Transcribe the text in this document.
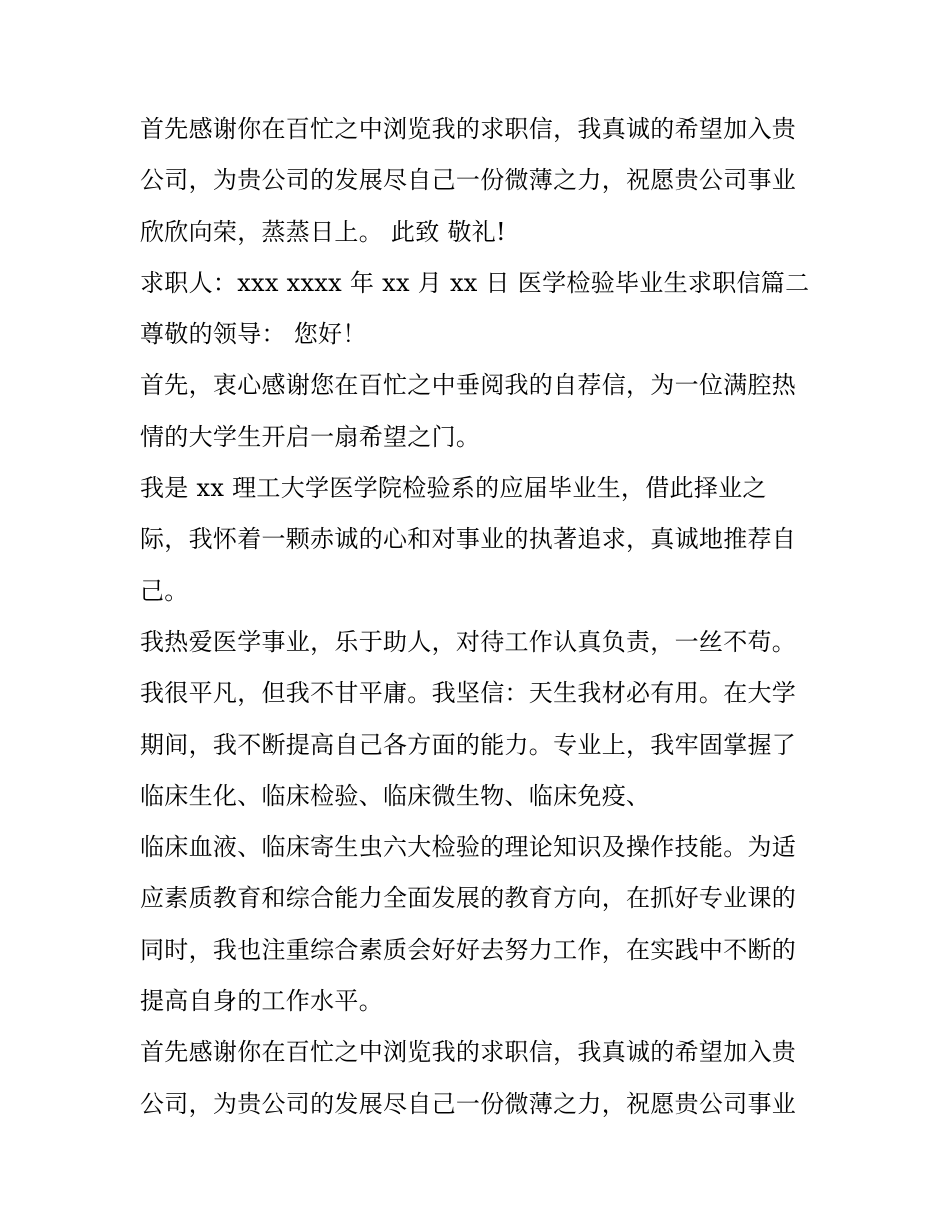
首先感谢你在百忙之中浏览我的求职信，我真诚的希望加入贵
公司，为贵公司的发展尽自己一份微薄之力，祝愿贵公司事业
欣欣向荣，蒸蒸日上。 此致 敬礼!
求职人：xxx xxxx 年 xx 月 xx 日 医学检验毕业生求职信篇二
尊敬的领导： 您好！
首先，衷心感谢您在百忙之中垂阅我的自荐信，为一位满腔热
情的大学生开启一扇希望之门。
我是 xx 理工大学医学院检验系的应届毕业生，借此择业之
际，我怀着一颗赤诚的心和对事业的执著追求，真诚地推荐自
己。
我热爱医学事业，乐于助人，对待工作认真负责，一丝不苟。
我很平凡，但我不甘平庸。我坚信：天生我材必有用。在大学
期间，我不断提高自己各方面的能力。专业上，我牢固掌握了
临床生化、临床检验、临床微生物、临床免疫、
临床血液、临床寄生虫六大检验的理论知识及操作技能。为适
应素质教育和综合能力全面发展的教育方向，在抓好专业课的
同时，我也注重综合素质会好好去努力工作，在实践中不断的
提高自身的工作水平。
首先感谢你在百忙之中浏览我的求职信，我真诚的希望加入贵
公司，为贵公司的发展尽自己一份微薄之力，祝愿贵公司事业
